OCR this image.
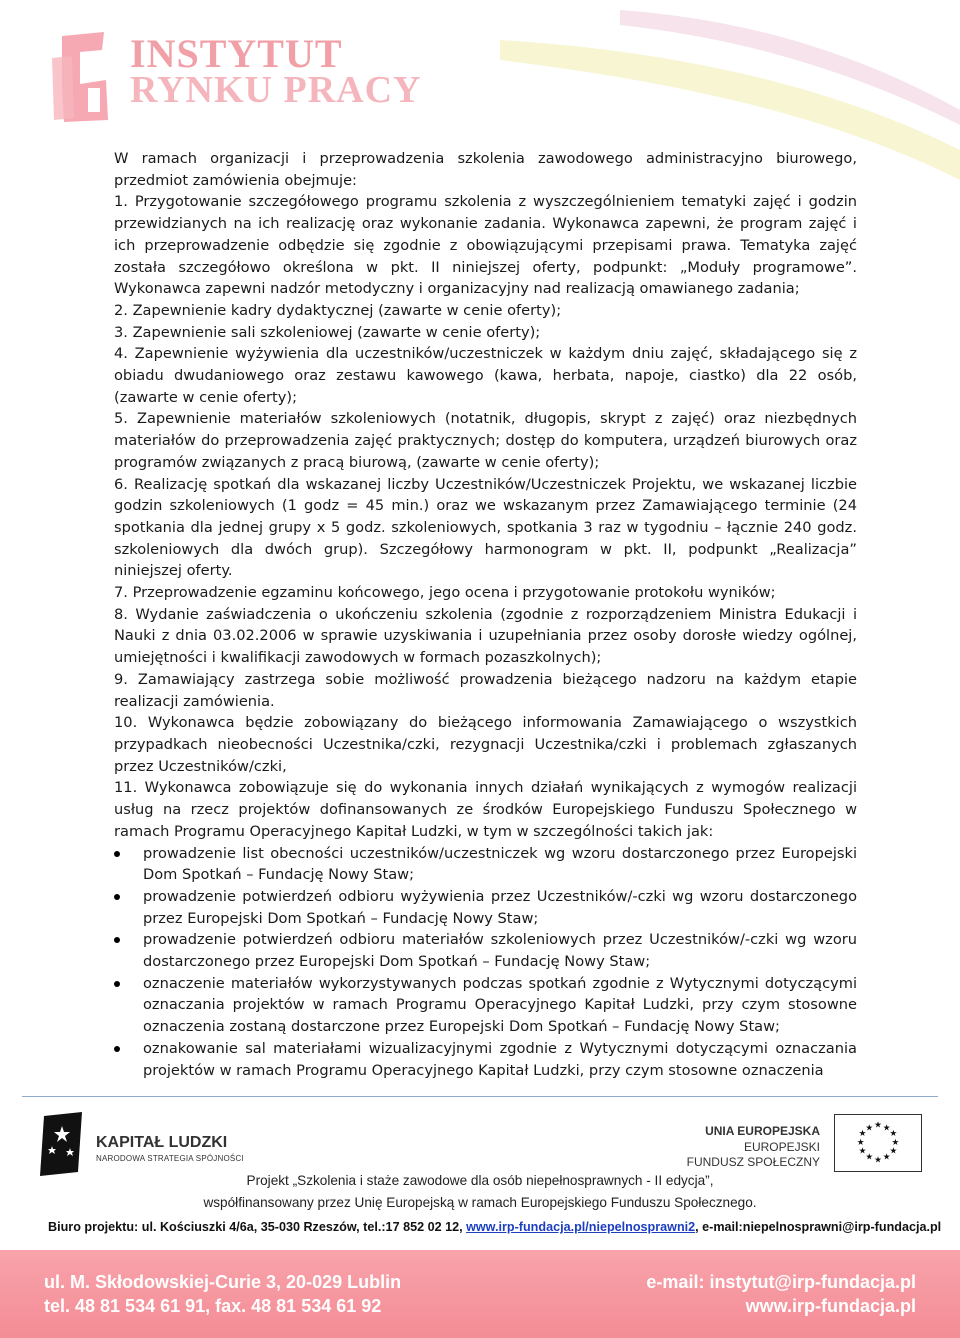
INSTYTUT
RYNKU PRACY

W ramach organizacji i przeprowadzenia szkolenia zawodowego administracyjno biurowego, przedmiot zamówienia obejmuje:

1. Przygotowanie szczegółowego programu szkolenia z wyszczególnieniem tematyki zajęć i godzin przewidzianych na ich realizację oraz wykonanie zadania. Wykonawca zapewni, że program zajęć i ich przeprowadzenie odbędzie się zgodnie z obowiązującymi przepisami prawa. Tematyka zajęć została szczegółowo określona w pkt. II niniejszej oferty, podpunkt: „Moduły programowe”. Wykonawca zapewni nadzór metodyczny i organizacyjny nad realizacją omawianego zadania;

2. Zapewnienie kadry dydaktycznej (zawarte w cenie oferty);

3. Zapewnienie sali szkoleniowej (zawarte w cenie oferty);

4. Zapewnienie wyżywienia dla uczestników/uczestniczek w każdym dniu zajęć, składającego się z obiadu dwudaniowego oraz zestawu kawowego (kawa, herbata, napoje, ciastko) dla 22 osób, (zawarte w cenie oferty);

5. Zapewnienie materiałów szkoleniowych (notatnik, długopis, skrypt z zajęć) oraz niezbędnych materiałów do przeprowadzenia zajęć praktycznych; dostęp do komputera, urządzeń biurowych oraz programów związanych z pracą biurową, (zawarte w cenie oferty);

6. Realizację spotkań dla wskazanej liczby Uczestników/Uczestniczek Projektu, we wskazanej liczbie godzin szkoleniowych (1 godz = 45 min.) oraz we wskazanym przez Zamawiającego terminie (24 spotkania dla jednej grupy x 5 godz. szkoleniowych, spotkania 3 raz w tygodniu – łącznie 240 godz. szkoleniowych dla dwóch grup). Szczegółowy harmonogram w pkt. II, podpunkt „Realizacja” niniejszej oferty.

7. Przeprowadzenie egzaminu końcowego, jego ocena i przygotowanie protokołu wyników;

8. Wydanie zaświadczenia o ukończeniu szkolenia (zgodnie z rozporządzeniem Ministra Edukacji i Nauki z dnia 03.02.2006 w sprawie uzyskiwania i uzupełniania przez osoby dorosłe wiedzy ogólnej, umiejętności i kwalifikacji zawodowych w formach pozaszkolnych);

9. Zamawiający zastrzega sobie możliwość prowadzenia bieżącego nadzoru na każdym etapie realizacji zamówienia.

10. Wykonawca będzie zobowiązany do bieżącego informowania Zamawiającego o wszystkich przypadkach nieobecności Uczestnika/czki, rezygnacji Uczestnika/czki i problemach zgłaszanych przez Uczestników/czki,

11. Wykonawca zobowiązuje się do wykonania innych działań wynikających z wymogów realizacji usług na rzecz projektów dofinansowanych ze środków Europejskiego Funduszu Społecznego w ramach Programu Operacyjnego Kapitał Ludzki, w tym w szczególności takich jak:

prowadzenie list obecności uczestników/uczestniczek wg wzoru dostarczonego przez Europejski Dom Spotkań – Fundację Nowy Staw;
prowadzenie potwierdzeń odbioru wyżywienia przez Uczestników/-czki wg wzoru dostarczonego przez Europejski Dom Spotkań – Fundację Nowy Staw;
prowadzenie potwierdzeń odbioru materiałów szkoleniowych przez Uczestników/-czki wg wzoru dostarczonego przez Europejski Dom Spotkań – Fundację Nowy Staw;
oznaczenie materiałów wykorzystywanych podczas spotkań zgodnie z Wytycznymi dotyczącymi oznaczania projektów w ramach Programu Operacyjnego Kapitał Ludzki, przy czym stosowne oznaczenia zostaną dostarczone przez Europejski Dom Spotkań – Fundację Nowy Staw;
oznakowanie sal materiałami wizualizacyjnymi zgodnie z Wytycznymi dotyczącymi oznaczania projektów w ramach Programu Operacyjnego Kapitał Ludzki, przy czym stosowne oznaczenia
KAPITAŁ LUDZKI
NARODOWA STRATEGIA SPÓJNOŚCI
UNIA EUROPEJSKA
EUROPEJSKI
FUNDUSZ SPOŁECZNY
★ ★
★
★
★
★
★
★
★
★
★
★
Projekt „Szkolenia i staże zawodowe dla osób niepełnosprawnych - II edycja”,
współfinansowany przez Unię Europejską w ramach Europejskiego Funduszu Społecznego.
Biuro projektu: ul. Kościuszki 4/6a, 35-030 Rzeszów, tel.:17 852 02 12, www.irp-fundacja.pl/niepelnosprawni2, e-mail:niepelnosprawni@irp-fundacja.pl
ul. M. Skłodowskiej-Curie 3, 20-029 Lublin
tel. 48 81 534 61 91, fax. 48 81 534 61 92
e-mail: instytut@irp-fundacja.pl
www.irp-fundacja.pl
